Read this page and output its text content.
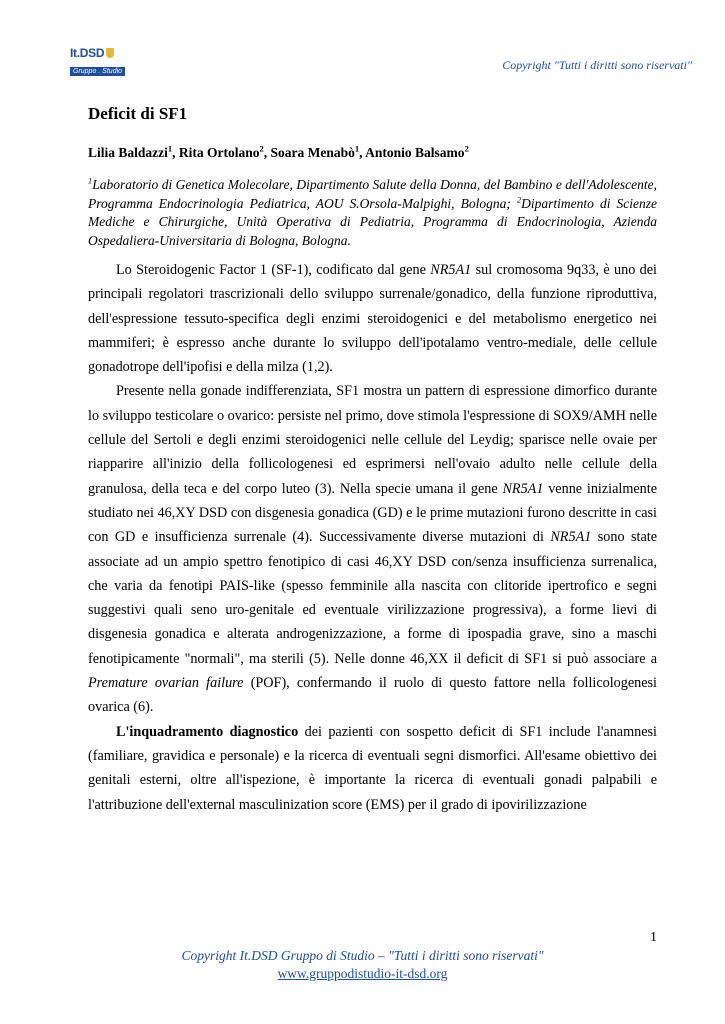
It.DSD
Gruppo . Studio	Copyright "Tutti i diritti sono riservati"
Deficit di SF1
Lilia Baldazzi$^1$, Rita Ortolano$^2$, Soara Menabò$^1$, Antonio Balsamo$^2$
$^1$Laboratorio di Genetica Molecolare, Dipartimento Salute della Donna, del Bambino e dell'Adolescente, Programma Endocrinologia Pediatrica, AOU S.Orsola-Malpighi, Bologna; $^2$Dipartimento di Scienze Mediche e Chirurgiche, Unità Operativa di Pediatria, Programma di Endocrinologia, Azienda Ospedaliera-Universitaria di Bologna, Bologna.

Lo Steroidogenic Factor 1 (SF-1), codificato dal gene NR5A1 sul cromosoma 9q33, è uno dei principali regolatori trascrizionali dello sviluppo surrenale/gonadico, della funzione riproduttiva, dell'espressione tessuto-specifica degli enzimi steroidogenici e del metabolismo energetico nei mammiferi; è espresso anche durante lo sviluppo dell'ipotalamo ventro-mediale, delle cellule gonadotrope dell'ipofisi e della milza (1,2).

Presente nella gonade indifferenziata, SF1 mostra un pattern di espressione dimorfico durante lo sviluppo testicolare o ovarico: persiste nel primo, dove stimola l'espressione di SOX9/AMH nelle cellule del Sertoli e degli enzimi steroidogenici nelle cellule del Leydig; sparisce nelle ovaie per riapparire all'inizio della follicologenesi ed esprimersi nell'ovaio adulto nelle cellule della granulosa, della teca e del corpo luteo (3). Nella specie umana il gene NR5A1 venne inizialmente studiato nei 46,XY DSD con disgenesia gonadica (GD) e le prime mutazioni furono descritte in casi con GD e insufficienza surrenale (4). Successivamente diverse mutazioni di NR5A1 sono state associate ad un ampio spettro fenotipico di casi 46,XY DSD con/senza insufficienza surrenalica, che varia da fenotipi PAIS-like (spesso femminile alla nascita con clitoride ipertrofico e segni suggestivi quali seno uro-genitale ed eventuale virilizzazione progressiva), a forme lievi di disgenesia gonadica e alterata androgenizzazione, a forme di ipospadia grave, sino a maschi fenotipicamente "normali", ma sterili (5). Nelle donne 46,XX il deficit di SF1 si può associare a Premature ovarian failure (POF), confermando il ruolo di questo fattore nella follicologenesi ovarica (6).

L'inquadramento diagnostico dei pazienti con sospetto deficit di SF1 include l'anamnesi (familiare, gravidica e personale) e la ricerca di eventuali segni dismorfici. All'esame obiettivo dei genitali esterni, oltre all'ispezione, è importante la ricerca di eventuali gonadi palpabili e l'attribuzione dell'external masculinization score (EMS) per il grado di ipovirilizzazione

1
Copyright It.DSD Gruppo di Studio – "Tutti i diritti sono riservati"
www.gruppodistudio-it-dsd.org
